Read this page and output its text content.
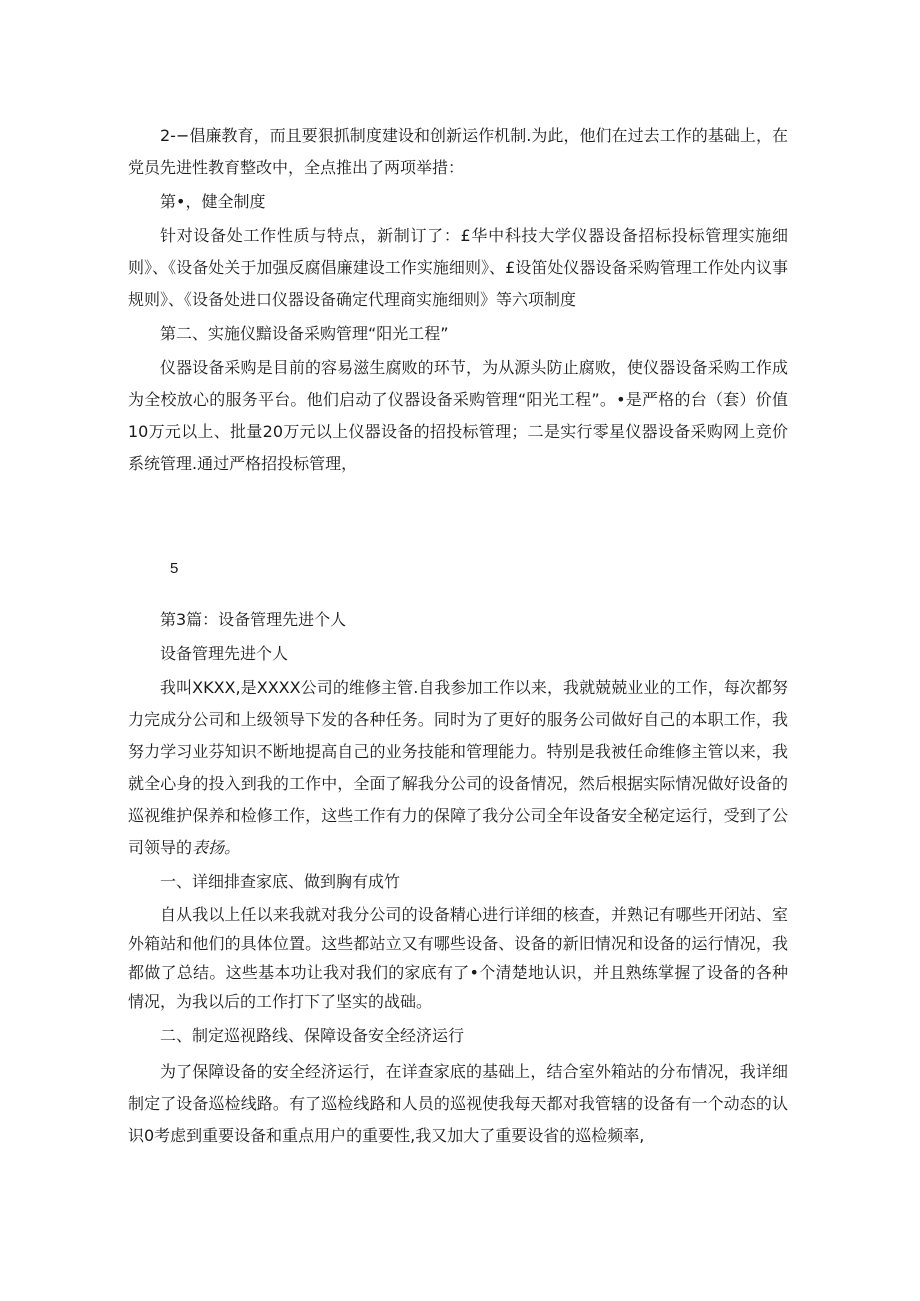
2-−倡廉教育，而且要狠抓制度建设和创新运作机制.为此，他们在过去工作的基础上，在党员先进性教育整改中，全点推出了两项举措：

第•，健全制度

针对设备处工作性质与特点，新制订了：£华中科技大学仪器设备招标投标管理实施细则》、《设备处关于加强反腐倡廉建设工作实施细则》、£设笛处仪器设备采购管理工作处内议事规则》、《设备处进口仪器设备确定代理商实施细则》等六项制度

第二、实施仪黯设备采购管理“阳光工程”

仪器设备采购是目前的容易滋生腐败的环节，为从源头防止腐败，使仪器设备采购工作成为全校放心的服务平台。他们启动了仪器设备采购管理“阳光工程”。•是严格的台（套）价值10万元以上、批量20万元以上仪器设备的招投标管理；二是实行零星仪器设备采购网上竞价系统管理.通过严格招投标管理，

5

第3篇：设备管理先进个人

设备管理先进个人

我叫XKXX,是XXXX公司的维修主管.自我参加工作以来，我就兢兢业业的工作，每次都努力完成分公司和上级领导下发的各种任务。同时为了更好的服务公司做好自己的本职工作，我努力学习业芬知识不断地提高自己的业务技能和管理能力。特别是我被任命维修主管以来，我就全心身的投入到我的工作中，全面了解我分公司的设备情况，然后根据实际情况做好设备的巡视维护保养和检修工作，这些工作有力的保障了我分公司全年设备安全秘定运行，受到了公司领导的表扬。

一、详细排查家底、做到胸有成竹

自从我以上任以来我就对我分公司的设备精心进行详细的核查，并熟记有哪些开闭站、室外箱站和他们的具体位置。这些都站立又有哪些设备、设备的新旧情况和设备的运行情况，我都做了总结。这些基本功让我对我们的家底有了•个清楚地认识，并且熟练掌握了设备的各种情况，为我以后的工作打下了坚实的战础。

二、制定巡视路线、保障设备安全经济运行

为了保障设备的安全经济运行，在详查家底的基础上，结合室外箱站的分布情况，我详细制定了设备巡检线路。有了巡检线路和人员的巡视使我每天都对我管辖的设备有一个动态的认识0考虑到重要设备和重点用户的重要性,我又加大了重要设省的巡检频率,
